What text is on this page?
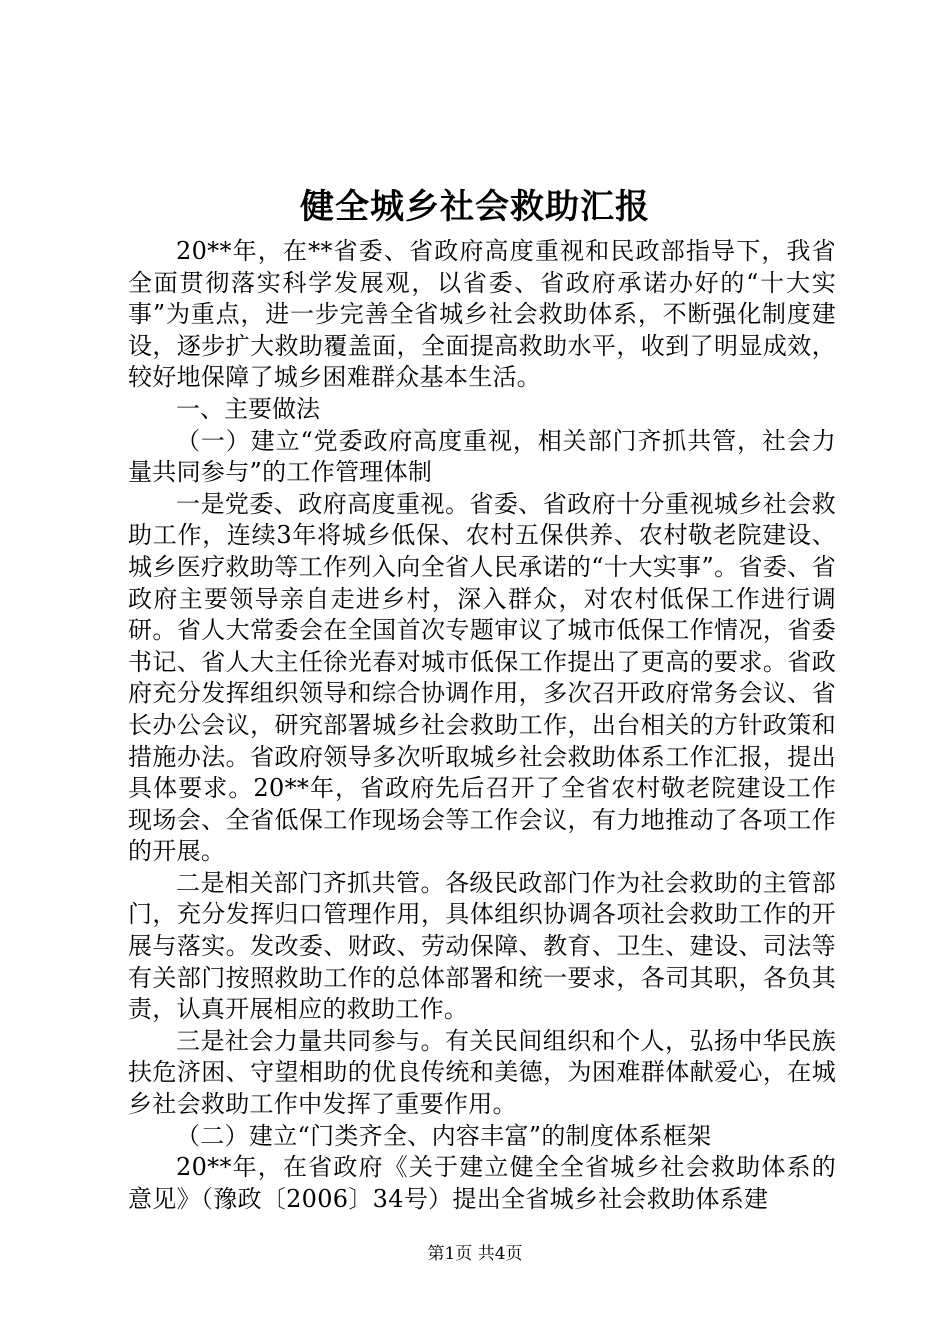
健全城乡社会救助汇报

20**年，在**省委、省政府高度重视和民政部指导下，我省全面贯彻落实科学发展观，以省委、省政府承诺办好的“十大实事”为重点，进一步完善全省城乡社会救助体系，不断强化制度建设，逐步扩大救助覆盖面，全面提高救助水平，收到了明显成效，较好地保障了城乡困难群众基本生活。

一、主要做法

（一）建立“党委政府高度重视，相关部门齐抓共管，社会力量共同参与”的工作管理体制

一是党委、政府高度重视。省委、省政府十分重视城乡社会救助工作，连续3年将城乡低保、农村五保供养、农村敬老院建设、城乡医疗救助等工作列入向全省人民承诺的“十大实事”。省委、省政府主要领导亲自走进乡村，深入群众，对农村低保工作进行调研。省人大常委会在全国首次专题审议了城市低保工作情况，省委书记、省人大主任徐光春对城市低保工作提出了更高的要求。省政府充分发挥组织领导和综合协调作用，多次召开政府常务会议、省长办公会议，研究部署城乡社会救助工作，出台相关的方针政策和措施办法。省政府领导多次听取城乡社会救助体系工作汇报，提出具体要求。20**年，省政府先后召开了全省农村敬老院建设工作现场会、全省低保工作现场会等工作会议，有力地推动了各项工作的开展。

二是相关部门齐抓共管。各级民政部门作为社会救助的主管部门，充分发挥归口管理作用，具体组织协调各项社会救助工作的开展与落实。发改委、财政、劳动保障、教育、卫生、建设、司法等有关部门按照救助工作的总体部署和统一要求，各司其职，各负其责，认真开展相应的救助工作。

三是社会力量共同参与。有关民间组织和个人，弘扬中华民族扶危济困、守望相助的优良传统和美德，为困难群体献爱心，在城乡社会救助工作中发挥了重要作用。

（二）建立“门类齐全、内容丰富”的制度体系框架

20**年，在省政府《关于建立健全全省城乡社会救助体系的意见》（豫政〔2006〕34号）提出全省城乡社会救助体系建

第1页 共4页
